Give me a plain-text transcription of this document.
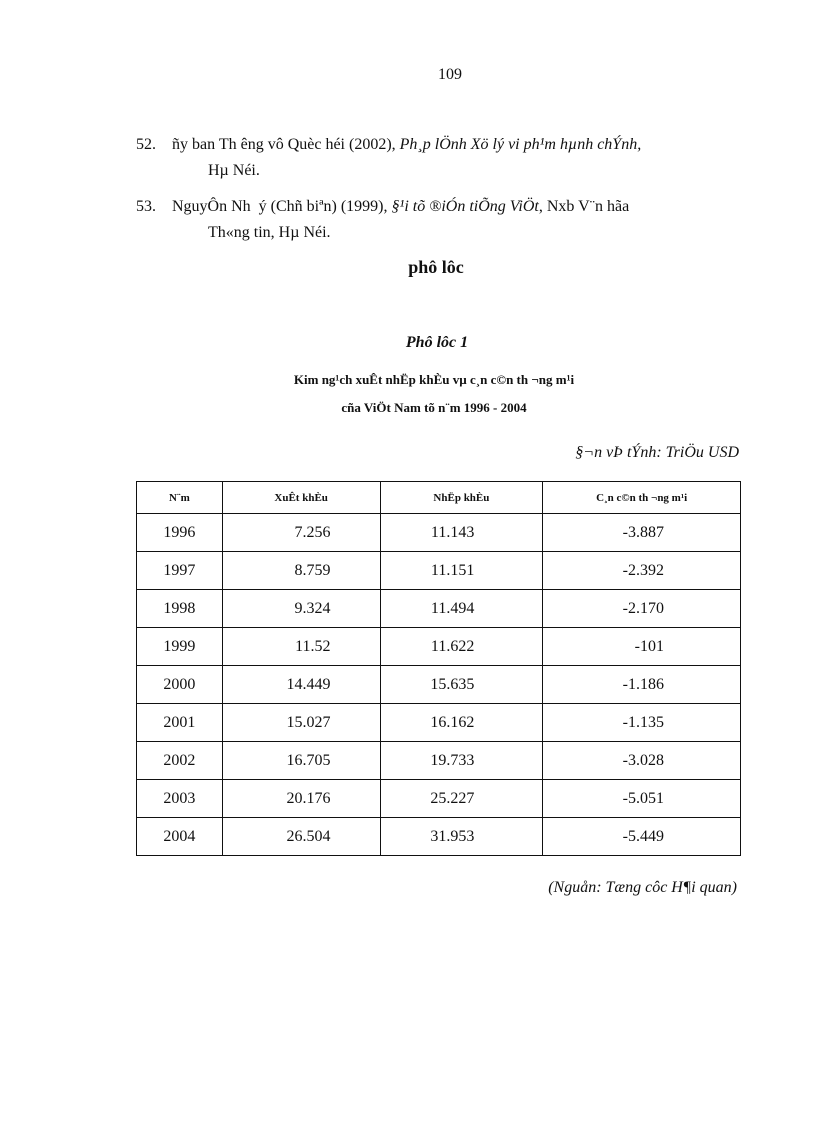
109
52. ñy ban Th êng vô Quèc héi (2002), Ph¸p lÖnh Xö lý vi ph¹m hµnh chÝnh,
Hµ Néi.
53. NguyÔn Nh  ý (Chñ biªn) (1999), §¹i tõ ®iÓn tiÕng ViÖt, Nxb V¨n hãa
Th«ng tin, Hµ Néi.
phô lôc
Phô lôc 1
Kim ng¹ch xuÊt nhËp khÈu vµ c¸n c©n th ¬ng m¹i
cña ViÖt Nam tõ n¨m 1996 - 2004
§¬n vÞ tÝnh: TriÖu USD
N¨m	XuÊt khÈu	NhËp khÈu	C¸n c©n th ¬ng m¹i
1996	7.256	11.143	-3.887
1997	8.759	11.151	-2.392
1998	9.324	11.494	-2.170
1999	11.52	11.622	-101
2000	14.449	15.635	-1.186
2001	15.027	16.162	-1.135
2002	16.705	19.733	-3.028
2003	20.176	25.227	-5.051
2004	26.504	31.953	-5.449
(Nguån: Tæng côc H¶i quan)
